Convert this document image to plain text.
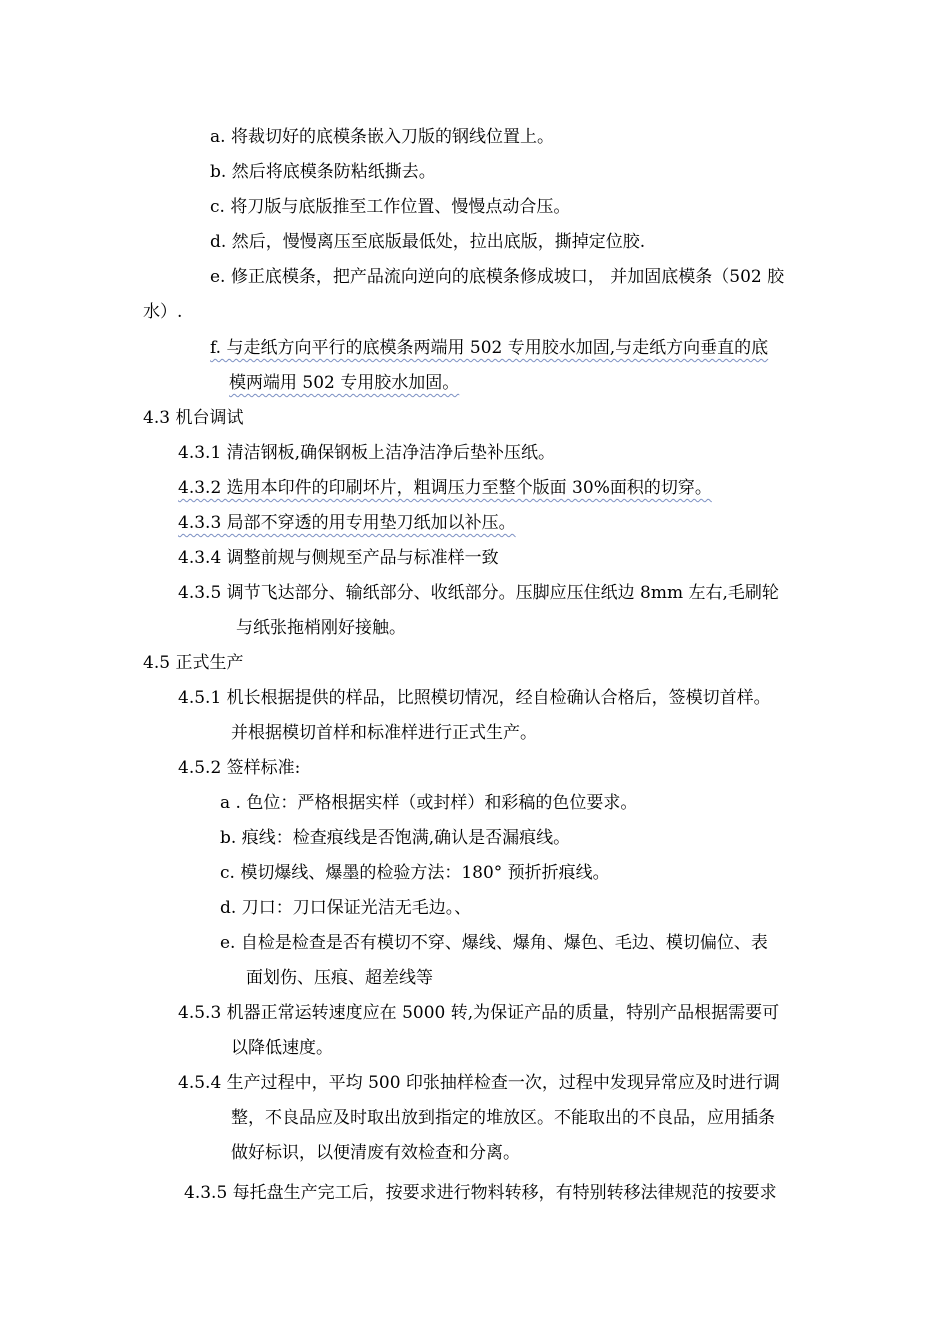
a. 将裁切好的底模条嵌入刀版的钢线位置上。
b. 然后将底模条防粘纸撕去。
c. 将刀版与底版推至工作位置、慢慢点动合压。
d. 然后，慢慢离压至底版最低处，拉出底版，撕掉定位胶.
e. 修正底模条，把产品流向逆向的底模条修成坡口， 并加固底模条（502 胶
水）.
f. 与走纸方向平行的底模条两端用 502 专用胶水加固,与走纸方向垂直的底
模两端用 502 专用胶水加固。
4.3 机台调试
4.3.1 清洁钢板,确保钢板上洁净洁净后垫补压纸。
4.3.2 选用本印件的印刷坏片，粗调压力至整个版面 30%面积的切穿。
4.3.3 局部不穿透的用专用垫刀纸加以补压。
4.3.4 调整前规与侧规至产品与标准样一致
4.3.5 调节飞达部分、输纸部分、收纸部分。压脚应压住纸边 8mm 左右,毛刷轮
与纸张拖梢刚好接触。
4.5 正式生产
4.5.1 机长根据提供的样品，比照模切情况，经自检确认合格后，签模切首样。
并根据模切首样和标准样进行正式生产。
4.5.2 签样标准:
a . 色位：严格根据实样（或封样）和彩稿的色位要求。
b. 痕线：检查痕线是否饱满,确认是否漏痕线。
c. 模切爆线、爆墨的检验方法：180° 预折折痕线。
d. 刀口：刀口保证光洁无毛边。、
e. 自检是检查是否有模切不穿、爆线、爆角、爆色、毛边、模切偏位、表
面划伤、压痕、超差线等
4.5.3 机器正常运转速度应在 5000 转,为保证产品的质量，特别产品根据需要可
以降低速度。
4.5.4 生产过程中，平均 500 印张抽样检查一次，过程中发现异常应及时进行调
整，不良品应及时取出放到指定的堆放区。不能取出的不良品，应用插条
做好标识，以便清废有效检查和分离。
4.3.5 每托盘生产完工后，按要求进行物料转移，有特别转移法律规范的按要求
